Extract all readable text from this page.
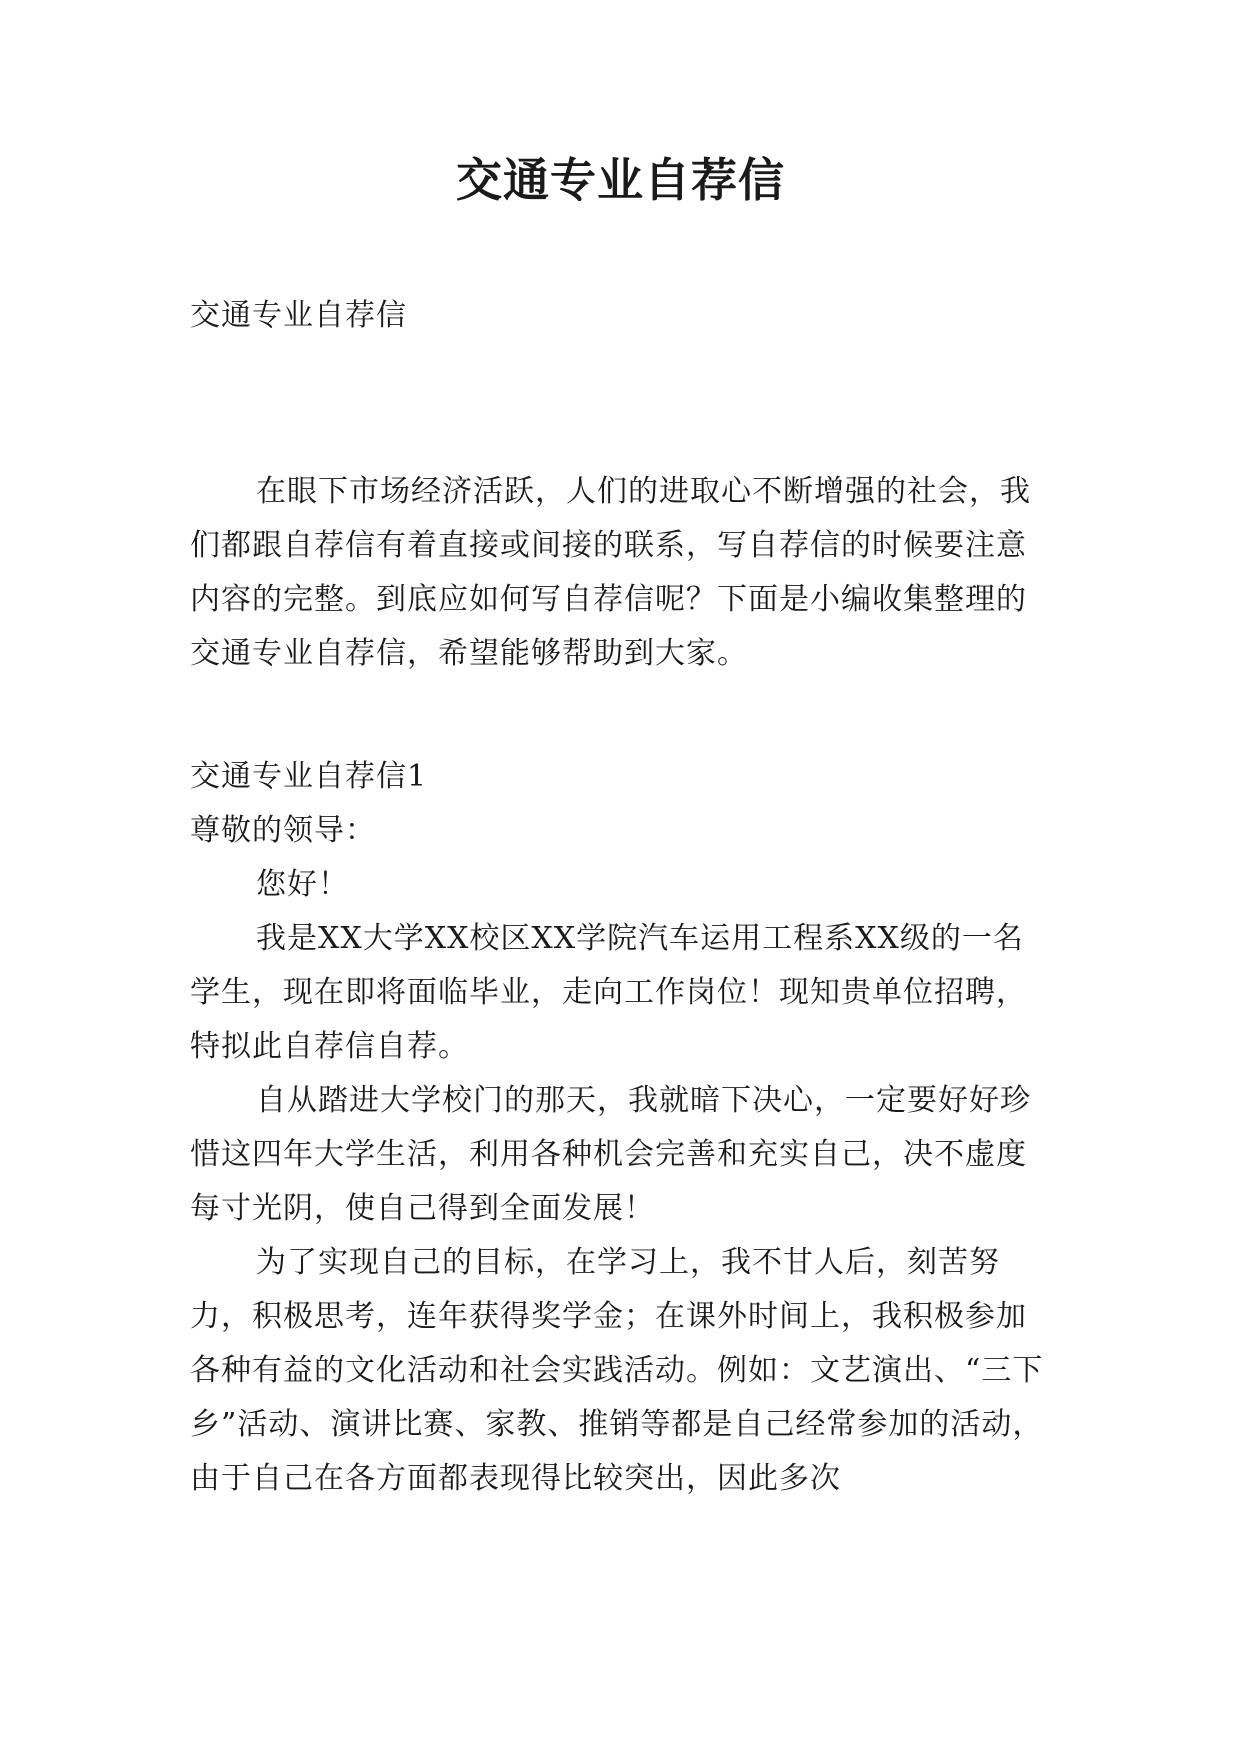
交通专业自荐信

交通专业自荐信

在眼下市场经济活跃，人们的进取心不断增强的社会，我们都跟自荐信有着直接或间接的联系，写自荐信的时候要注意内容的完整。到底应如何写自荐信呢？下面是小编收集整理的交通专业自荐信，希望能够帮助到大家。

交通专业自荐信1

尊敬的领导：

您好！

我是XX大学XX校区XX学院汽车运用工程系XX级的一名学生，现在即将面临毕业，走向工作岗位！现知贵单位招聘，特拟此自荐信自荐。

自从踏进大学校门的那天，我就暗下决心，一定要好好珍惜这四年大学生活，利用各种机会完善和充实自己，决不虚度每寸光阴，使自己得到全面发展！

为了实现自己的目标，在学习上，我不甘人后，刻苦努力，积极思考，连年获得奖学金；在课外时间上，我积极参加各种有益的文化活动和社会实践活动。例如：文艺演出、“三下乡”活动、演讲比赛、家教、推销等都是自己经常参加的活动，由于自己在各方面都表现得比较突出，因此多次
